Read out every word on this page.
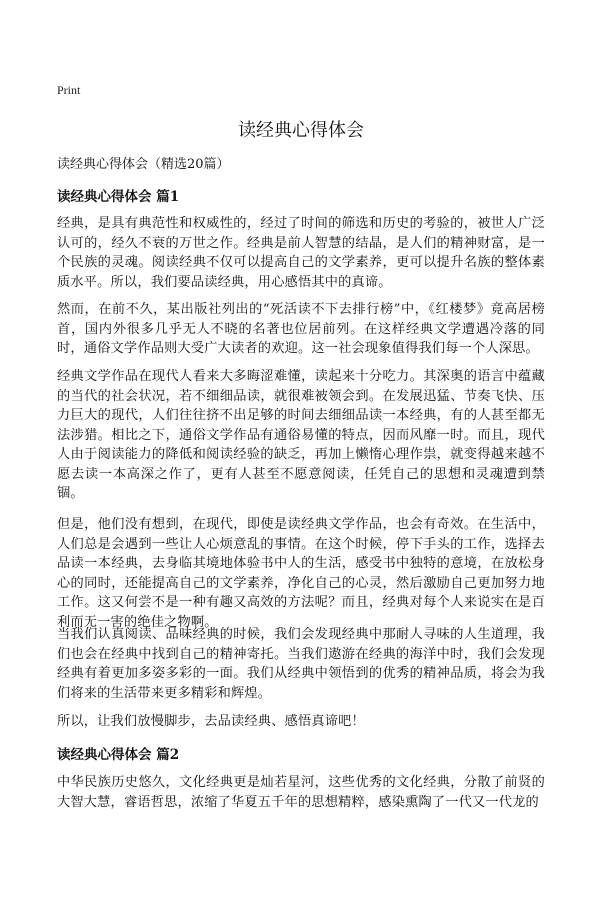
Print
读经典心得体会

读经典心得体会（精选20篇）

读经典心得体会 篇1

经典，是具有典范性和权威性的，经过了时间的筛选和历史的考验的，被世人广泛认可的，经久不衰的万世之作。经典是前人智慧的结晶，是人们的精神财富，是一个民族的灵魂。阅读经典不仅可以提高自己的文学素养，更可以提升名族的整体素质水平。所以，我们要品读经典，用心感悟其中的真谛。

然而，在前不久，某出版社列出的“死活读不下去排行榜”中，《红楼梦》竟高居榜首，国内外很多几乎无人不晓的名著也位居前列。在这样经典文学遭遇冷落的同时，通俗文学作品则大受广大读者的欢迎。这一社会现象值得我们每一个人深思。

经典文学作品在现代人看来大多晦涩难懂，读起来十分吃力。其深奥的语言中蕴藏的当代的社会状况，若不细细品读，就很难被领会到。在发展迅猛、节奏飞快、压力巨大的现代，人们往往挤不出足够的时间去细细品读一本经典，有的人甚至都无法涉猎。相比之下，通俗文学作品有通俗易懂的特点，因而风靡一时。而且，现代人由于阅读能力的降低和阅读经验的缺乏，再加上懒惰心理作祟，就变得越来越不愿去读一本高深之作了，更有人甚至不愿意阅读，任凭自己的思想和灵魂遭到禁锢。

但是，他们没有想到，在现代，即使是读经典文学作品，也会有奇效。在生活中，人们总是会遇到一些让人心烦意乱的事情。在这个时候，停下手头的工作，选择去品读一本经典，去身临其境地体验书中人的生活，感受书中独特的意境，在放松身心的同时，还能提高自己的文学素养，净化自己的心灵，然后激励自己更加努力地工作。这又何尝不是一种有趣又高效的方法呢？而且，经典对每个人来说实在是百利而无一害的绝佳之物啊。

当我们认真阅读、品味经典的时候，我们会发现经典中那耐人寻味的人生道理，我们也会在经典中找到自己的精神寄托。当我们遨游在经典的海洋中时，我们会发现经典有着更加多姿多彩的一面。我们从经典中领悟到的优秀的精神品质，将会为我们将来的生活带来更多精彩和辉煌。

所以，让我们放慢脚步，去品读经典、感悟真谛吧！

读经典心得体会 篇2

中华民族历史悠久，文化经典更是灿若星河，这些优秀的文化经典，分散了前贤的大智大慧，睿语哲思，浓缩了华夏五千年的思想精粹，感染熏陶了一代又一代龙的
